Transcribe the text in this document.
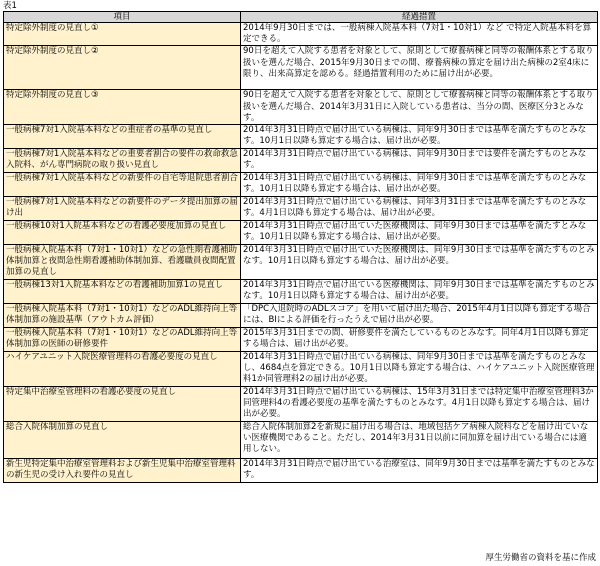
表1
項目	経過措置
特定除外制度の見直し①	2014年9月30日までは、一般病棟入院基本料（7対1・10対1）など で特定入院基本料を算定できる。
特定除外制度の見直し②	90日を超えて入院する患者を対象として、原則として療養病棟と同等の報酬体系とする取り扱いを選んだ場合、2015年9月30日までの間、療養病棟の算定を届け出た病棟の2室4床に限り、出来高算定を認める。経過措置利用のために届け出が必要。
特定除外制度の見直し③	90日を超えて入院する患者を対象として、原則として療養病棟と同等の報酬体系とする取り扱いを選んだ場合、2014年3月31日に入院している患者は、当分の間、医療区分3とみなす。
一般病棟7対1入院基本料などの重症者の基準の見直し	2014年3月31日時点で届け出ている病棟は、同年9月30日までは基準を満たすものとみなす。10月1日以降も算定する場合は、届け出が必要。
一般病棟7対1入院基本料などの重要者割合の要件の救命救急入院料、がん専門病院の取り扱い見直し	2014年3月31日時点で届け出ている病棟は、同年9月30日までは要件を満たすものとみなす。
一般病棟7対1入院基本料などの新要件の自宅等退院患者割合	2014年3月31日時点で届け出ている病棟は、同年9月30日までは基準を満たすものとみなす。10月1日以降も算定する場合は、届け出が必要。
一般病棟7対1入院基本料などの新要件のデータ提出加算の届け出	2014年3月31日時点で届け出ている病棟は、同年3月31日までは基準を満たすものとみなす。4月1日以降も算定する場合は、届け出が必要。
一般病棟10対1入院基本料などの看護必要度加算の見直し	2014年3月31日時点で届け出ていた医療機関は、同年9月30日までは基準を満たすとみなす。10月1日以降も算定する場合は、届け出が必要。
一般病棟入院基本料（7対1・10対1）などの急性期看護補助体制加算と夜間急性期看護補助体制加算、看護職員夜間配置加算の見直し	2014年3月31日時点で届け出ていた医療機関は、同年9月30日までは基準を満たすものとみなす。10月1日以降も算定する場合は、届け出が必要。
一般病棟13対1入院基本料などの看護補助加算1の見直し	2014年3月31日時点で届け出ている医療機関は、同年9月30日までは基準を満たすものとみなす。10月1日以降も算定する場合は、届け出が必要。
一般病棟入院基本料（7対1・10対1）などのADL維持向上等体制加算の施設基準（アウトカム評価）	「DPC入退院時のADLスコア」を用いて届け出た場合、2015年4月1日以降も算定する場合には、BIによる評価を行ったうえで届け出が必要。
一般病棟入院基本料（7対1・10対1）などのADL維持向上等体制加算の医師の研修要件	2015年3月31日までの間、研修要件を満たしているものとみなす。同年4月1日以降も算定する場合は、届け出が必要。
ハイケアユニット入院医療管理料の看護必要度の見直し	2014年3月31日時点で届け出ている病棟は、同年9月30日までは基準を満たすものとみなし、4684点を算定できる。10月1日以降も算定する場合は、ハイケアユニット入院医療管理料1か同管理料2の届け出が必要。
特定集中治療室管理料の看護必要度の見直し	2014年3月31日時点で届け出ている病棟は、15年3月31日までは特定集中治療室管理料3か同管理料4の看護必要度の基準を満たすものとみなす。4月1日以降も算定する場合は、届け出が必要。
総合入院体制加算の見直し	総合入院体制加算2を新規に届け出る場合は、地域包括ケア病棟入院料などを届け出ていない医療機関であること。ただし、2014年3月31日以前に同加算を届け出ている場合には適用しない。
新生児特定集中治療室管理料および新生児集中治療室管理料の新生児の受け入れ要件の見直し	2014年3月31日時点で届け出ている治療室は、同年9月30日までは基準を満たすものとみなす。
厚生労働省の資料を基に作成
